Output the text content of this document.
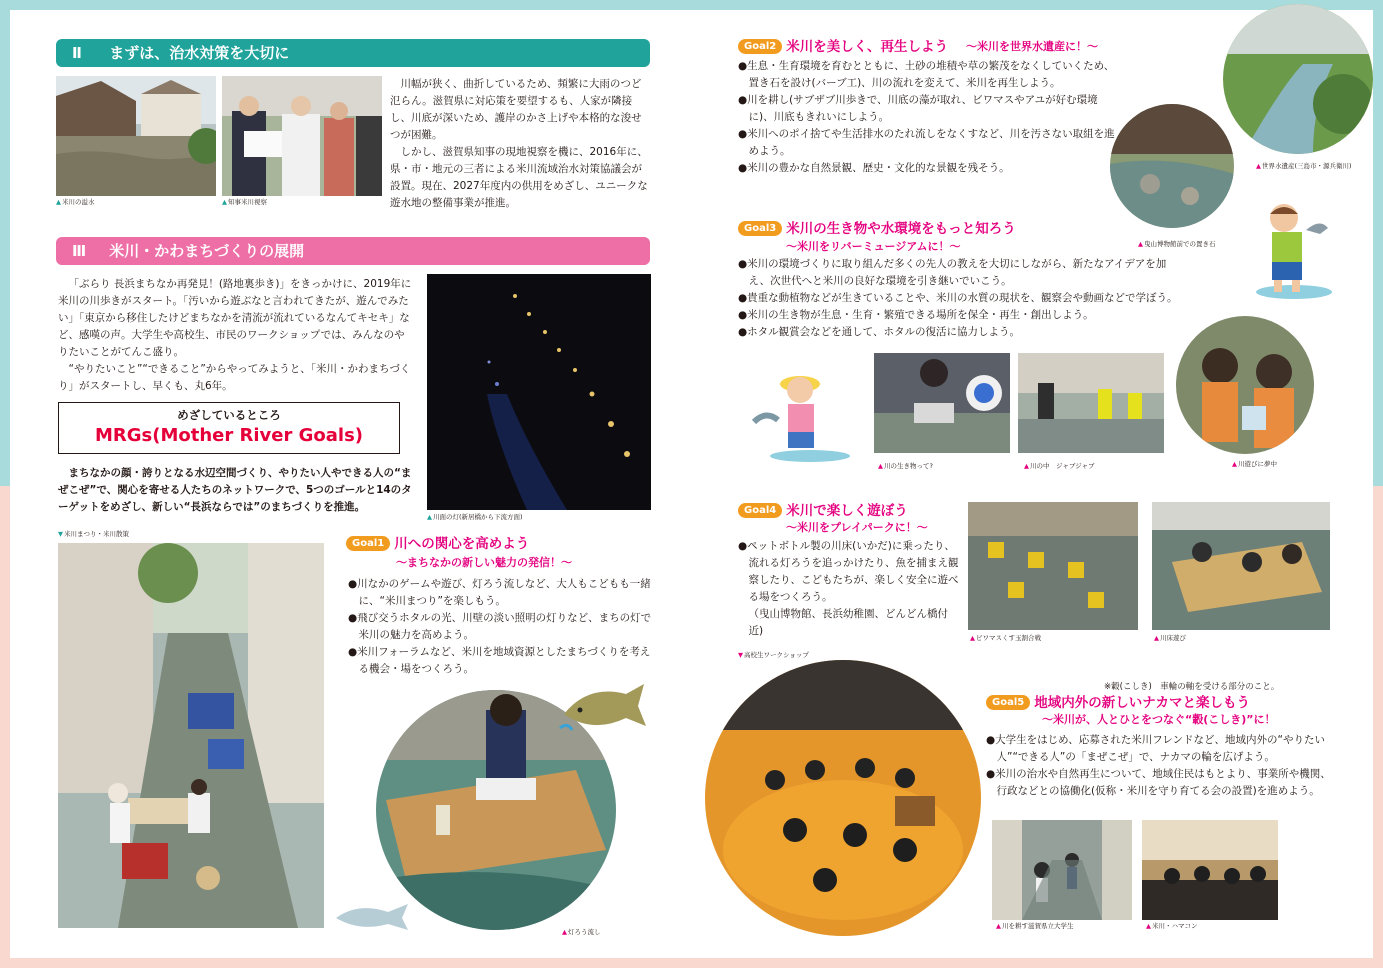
Ⅱ まずは、治水対策を大切に
▲米川の溢水	▲知事米川視察
川幅が狭く、曲折しているため、頻繁に大雨のつど氾らん。滋賀県に対応策を要望するも、人家が隣接し、川底が深いため、護岸のかさ上げや本格的な浚せつが困難。
しかし、滋賀県知事の現地視察を機に、2016年に、県・市・地元の三者による米川流域治水対策協議会が設置。現在、2027年度内の供用をめざし、ユニークな遊水地の整備事業が推進。
Ⅲ 米川・かわまちづくりの展開
「ぶらり 長浜まちなか再発見！(路地裏歩き)」をきっかけに、2019年に米川の川歩きがスタート。「汚いから遊ぶなと言われてきたが、遊んでみたい」「東京から移住したけどまちなかを清流が流れているなんてキセキ」など、感嘆の声。大学生や高校生、市民のワークショップでは、みんなのやりたいことがてんこ盛り。
“やりたいこと”“できること”からやってみようと、「米川・かわまちづくり」がスタートし、早くも、丸6年。
▲川面の灯(新居橋から下流方面)
めざしているところ
MRGs(Mother River Goals)
まちなかの顔・誇りとなる水辺空間づくり、やりたい人やできる人の“まぜこぜ”で、関心を寄せる人たちのネットワークで、5つのゴールと14のターゲットをめざし、新しい“長浜ならでは”のまちづくりを推進。
▼米川まつり・米川散策
Goal1 川への関心を高めよう
〜まちなかの新しい魅力の発信！〜
●川なかのゲームや遊び、灯ろう流しなど、大人もこどもも一緒に、“米川まつり”を楽しもう。
●飛び交うホタルの光、川壁の淡い照明の灯りなど、まちの灯で米川の魅力を高めよう。
●米川フォーラムなど、米川を地域資源としたまちづくりを考える機会・場をつくろう。
▲灯ろう流し
Goal2 米川を美しく、再生しよう 〜米川を世界水遺産に！〜
●生息・生育環境を育むとともに、土砂の堆積や草の繁茂をなくしていくため、置き石を設け(バーブ工)、川の流れを変えて、米川を再生しよう。
●川を耕し(サブザブ川歩きで、川底の藻が取れ、ビワマスやアユが好む環境に)、川底もきれいにしよう。
●米川へのポイ捨てや生活排水のたれ流しをなくすなど、川を汚さない取組を進めよう。
●米川の豊かな自然景観、歴史・文化的な景観を残そう。	▲世界水遺産(三島市・源兵衛川)
▲曳山博物館前での置き石
Goal3 米川の生き物や水環境をもっと知ろう
〜米川をリバーミュージアムに！〜
●米川の環境づくりに取り組んだ多くの先人の教えを大切にしながら、新たなアイデアを加え、次世代へと米川の良好な環境を引き継いでいこう。
●貴重な動植物などが生きていることや、米川の水質の現状を、観察会や動画などで学ぼう。
●米川の生き物が生息・生育・繁殖できる場所を保全・再生・創出しよう。
●ホタル観賞会などを通して、ホタルの復活に協力しよう。
▲川の生き物って?	▲川の中　ジャブジャブ	▲川遊びに夢中
Goal4 米川で楽しく遊ぼう
〜米川をプレイパークに！〜
●ペットボトル製の川床(いかだ)に乗ったり、流れる灯ろうを追っかけたり、魚を捕まえ観察したり、こどもたちが、楽しく安全に遊べる場をつくろう。
（曳山博物館、長浜幼稚園、どんどん橋付近)
▲ビワマスくす玉割合戦	▲川床遊び
▼高校生ワークショップ
※轂(こしき)　車輪の軸を受ける部分のこと。
Goal5 地域内外の新しいナカマと楽しもう
〜米川が、人とひとをつなぐ“轂(こしき)”に！
●大学生をはじめ、応募された米川フレンドなど、地域内外の“やりたい人”“できる人”の「まぜこぜ」で、ナカマの輪を広げよう。
●米川の治水や自然再生について、地域住民はもとより、事業所や機関、行政などとの協働化(仮称・米川を守り育てる会の設置)を進めよう。
▲川を耕す滋賀県立大学生	▲米川・ハマコン
